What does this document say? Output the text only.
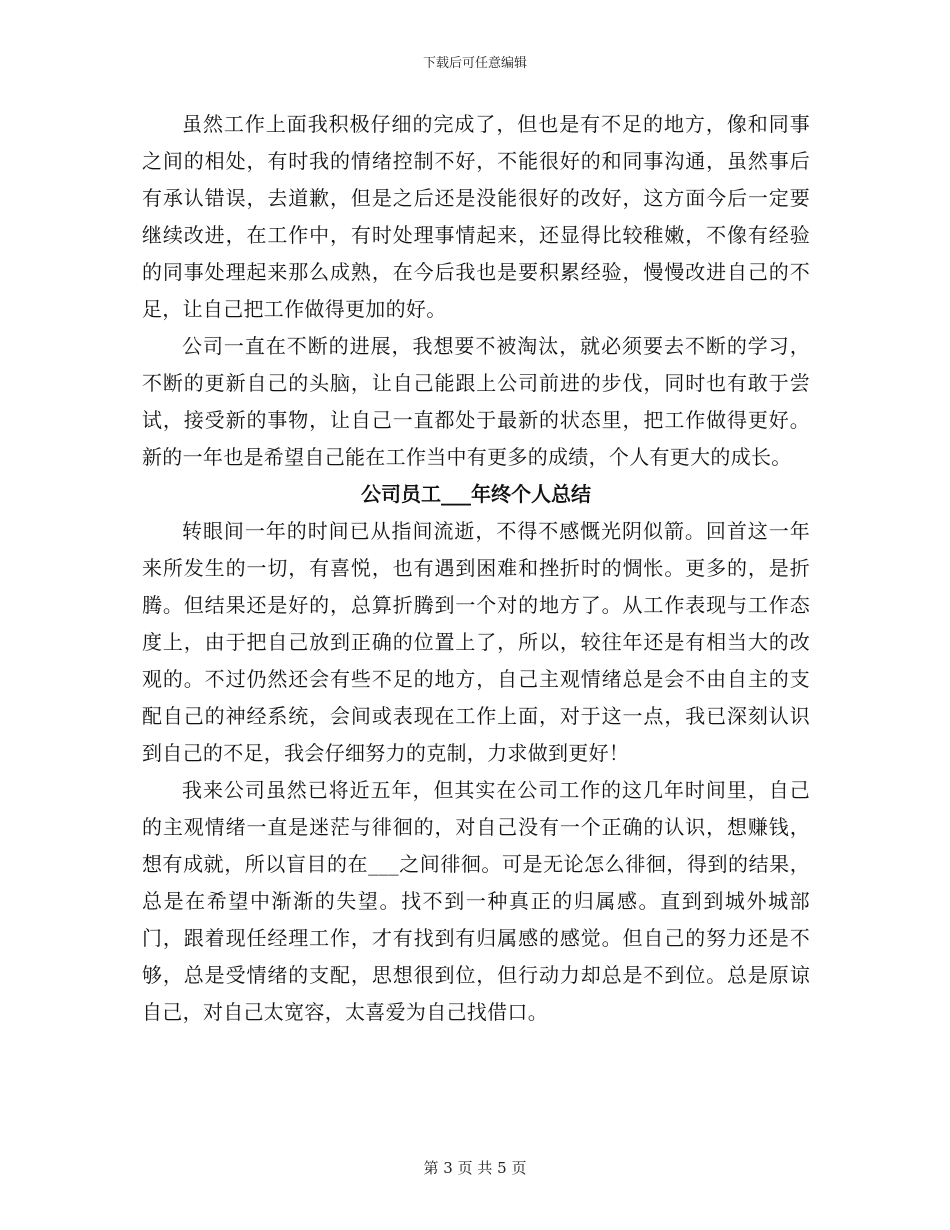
下载后可任意编辑

虽然工作上面我积极仔细的完成了，但也是有不足的地方，像和同事之间的相处，有时我的情绪控制不好，不能很好的和同事沟通，虽然事后有承认错误，去道歉，但是之后还是没能很好的改好，这方面今后一定要继续改进，在工作中，有时处理事情起来，还显得比较稚嫩，不像有经验的同事处理起来那么成熟，在今后我也是要积累经验，慢慢改进自己的不足，让自己把工作做得更加的好。

公司一直在不断的进展，我想要不被淘汰，就必须要去不断的学习，不断的更新自己的头脑，让自己能跟上公司前进的步伐，同时也有敢于尝试，接受新的事物，让自己一直都处于最新的状态里，把工作做得更好。新的一年也是希望自己能在工作当中有更多的成绩，个人有更大的成长。

公司员工___年终个人总结

转眼间一年的时间已从指间流逝，不得不感慨光阴似箭。回首这一年来所发生的一切，有喜悦，也有遇到困难和挫折时的惆怅。更多的，是折腾。但结果还是好的，总算折腾到一个对的地方了。从工作表现与工作态度上，由于把自己放到正确的位置上了，所以，较往年还是有相当大的改观的。不过仍然还会有些不足的地方，自己主观情绪总是会不由自主的支配自己的神经系统，会间或表现在工作上面，对于这一点，我已深刻认识到自己的不足，我会仔细努力的克制，力求做到更好！

我来公司虽然已将近五年，但其实在公司工作的这几年时间里，自己的主观情绪一直是迷茫与徘徊的，对自己没有一个正确的认识，想赚钱，想有成就，所以盲目的在___之间徘徊。可是无论怎么徘徊，得到的结果，总是在希望中渐渐的失望。找不到一种真正的归属感。直到到城外城部门，跟着现任经理工作，才有找到有归属感的感觉。但自己的努力还是不够，总是受情绪的支配，思想很到位，但行动力却总是不到位。总是原谅自己，对自己太宽容，太喜爱为自己找借口。

第 3 页 共 5 页
